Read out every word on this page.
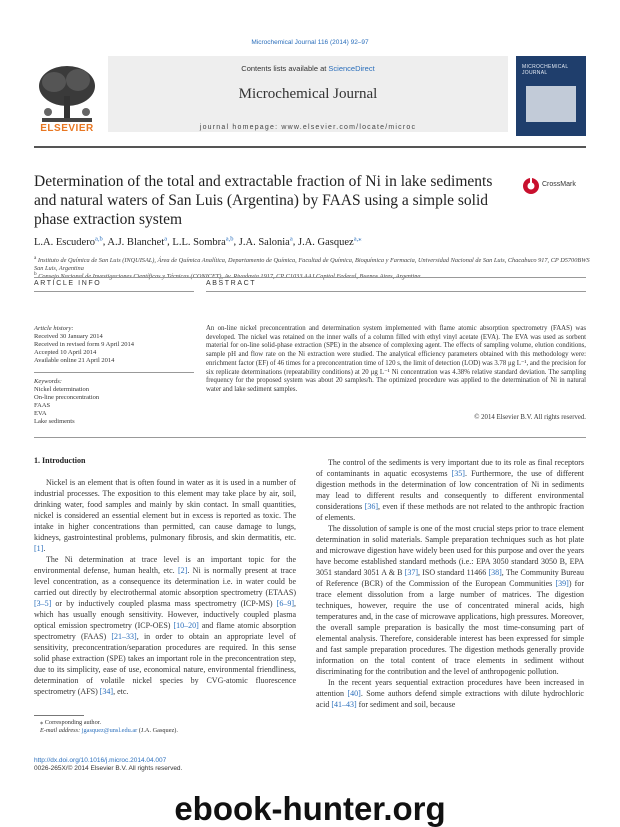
Microchemical Journal 116 (2014) 92–97
ELSEVIER
Contents lists available at ScienceDirect
Microchemical Journal
journal homepage: www.elsevier.com/locate/microc
MICROCHEMICAL JOURNAL
Determination of the total and extractable fraction of Ni in lake sediments and natural waters of San Luis (Argentina) by FAAS using a simple solid phase extraction system
CrossMark
L.A. Escudero$^{a,b}$, A.J. Blanchet$^a$, L.L. Sombra$^{a,b}$, J.A. Salonia$^a$, J.A. Gasquez$^{a,⁎}$
$^a$ Instituto de Química de San Luis (INQUISAL), Área de Química Analítica, Departamento de Química, Facultad de Química, Bioquímica y Farmacia, Universidad Nacional de San Luis, Chacabuco 917, CP D5700BWS San Luis, Argentina
$^b$
ARTICLE INFO	ABSTRACT
Article history:
Received 30 January 2014
Received in revised form 9 April 2014
Accepted 10 April 2014
Available online 21 April 2014
Keywords:
Nickel determination
On-line preconcentration
FAAS
EVA
Lake sediments
An on-line nickel preconcentration and determination system implemented with flame atomic absorption spectrometry (FAAS) was developed. The nickel was retained on the inner walls of a column filled with ethyl vinyl acetate (EVA). The EVA was used as sorbent material for on-line solid-phase extraction (SPE) in the absence of complexing agent. The effects of sampling volume, elution conditions, sample pH and flow rate on the Ni extraction were studied. The analytical efficiency parameters obtained with this methodology were: enrichment factor (EF) of 46 times for a preconcentration time of 120 s, the limit of detection (LOD) was 3.78 μg L⁻¹, and the precision for six replicate determinations (repeatability conditions) at 20 μg L⁻¹ Ni concentration was 4.38% relative standard deviation. The sampling frequency for the proposed system was about 20 samples/h. The optimized procedure was applied to the determination of Ni in natural water and lake sediment samples.
© 2014 Elsevier B.V. All rights reserved.
1. Introduction

Nickel is an element that is often found in water as it is used in a number of industrial processes. The exposition to this element may take place by air, soil, drinking water, food samples and mainly by skin contact. In small quantities, nickel is considered an essential element but in excess is reported as toxic. The intake in higher concentrations than permitted, can cause damage to lungs, kidneys, gastrointestinal problems, pulmonary fibrosis, and skin dermatitis, etc. [1].

The Ni determination at trace level is an important topic for the environmental defense, human health, etc. [2]. Ni is normally present at trace level concentration, as a consequence its determination i.e. in water could be carried out directly by electrothermal atomic absorption spectrometry (ETAAS) [3–5] or by inductively coupled plasma mass spectrometry (ICP-MS) [6–9], which has usually enough sensitivity. However, inductively coupled plasma optical emission spectrometry (ICP-OES) [10–20] and flame atomic absorption spectrometry (FAAS) [21–33], in order to obtain an appropriate level of sensitivity, preconcentration/separation procedures are required. In this sense solid phase extraction (SPE) takes an important role in the preconcentration step, due to its simplicity, ease of use, economical nature, environmental friendliness, determination of volatile nickel species by CVG-atomic fluorescence spectrometry (AFS) [34], etc.

The control of the sediments is very important due to its role as final receptors of contaminants in aquatic ecosystems [35]. Furthermore, the use of different digestion methods in the determination of low concentration of Ni in sediments may lead to different results and consequently to different environmental considerations [36], even if these methods are not related to the anthropic fraction of elements.

The dissolution of sample is one of the most crucial steps prior to trace element determination in solid materials. Sample preparation techniques such as hot plate and microwave digestion have widely been used for this purpose and over the years have become established standard methods (i.e.: EPA 3050 standard 3050 B, EPA 3051 standard 3051 A & B [37], ISO standard 11466 [38], The Community Bureau of Reference (BCR) of the Commission of the European Communities [39]) for trace element dissolution from a large number of matrices. The digestion techniques, however, require the use of concentrated mineral acids, high temperatures and, in the case of microwave applications, high pressures. Moreover, the overall sample preparation is basically the most time-consuming part of elemental analysis. Therefore, considerable interest has been expressed for simple and fast sample preparation procedures. The digestion methods generally provide information on the total content of trace elements in sediment without discriminating for the contribution and the level of anthropogenic pollution.

In the recent years sequential extraction procedures have been increased in attention [40]. Some authors defend simple extractions with dilute hydrochloric acid [41–43] for sediment and soil, because

⁎ Corresponding author.
E-mail address: jgasquez@unsl.edu.ar (J.A. Gasquez).
http://dx.doi.org/10.1016/j.microc.2014.04.007
0026-265X/© 2014 Elsevier B.V. All rights reserved.
ebook-hunter.org
